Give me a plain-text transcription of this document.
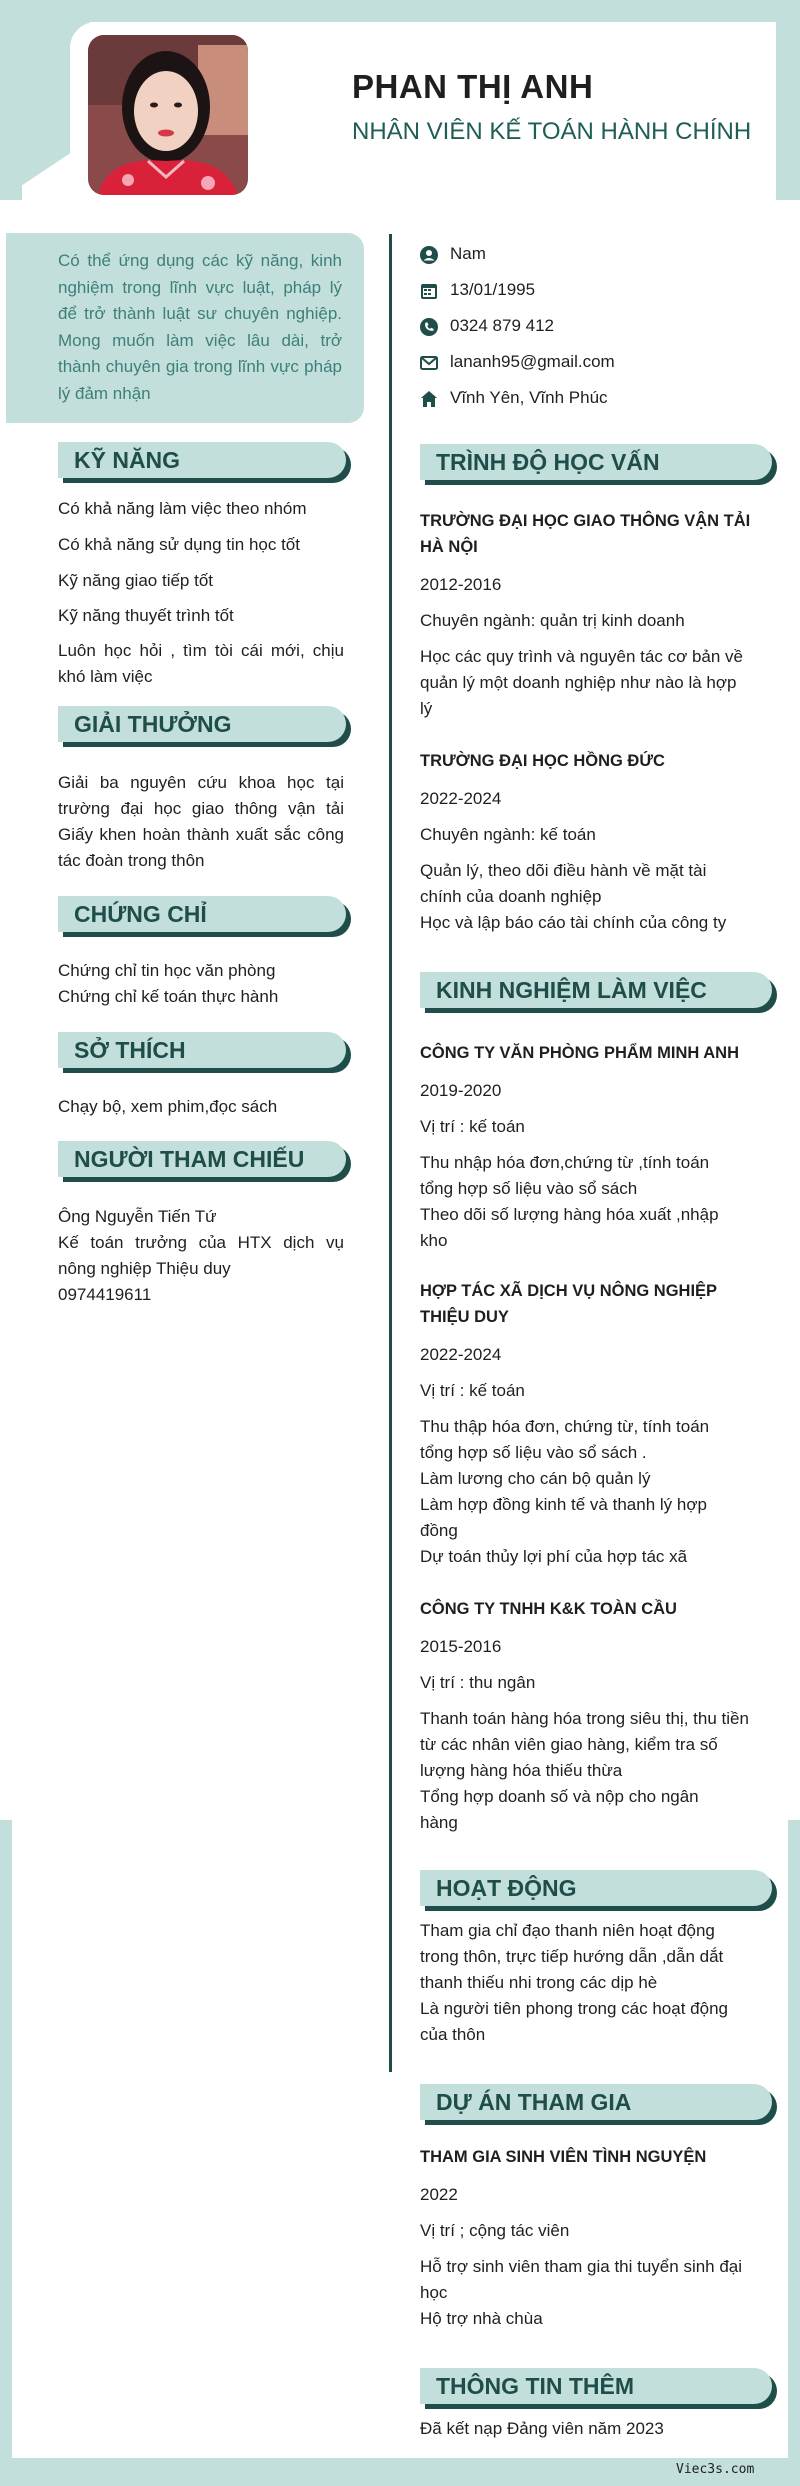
PHAN THỊ ANH
NHÂN VIÊN KẾ TOÁN HÀNH CHÍNH
Có thể ứng dụng các kỹ năng, kinh nghiệm trong lĩnh vực luật, pháp lý để trở thành luật sư chuyên nghiệp. Mong muốn làm việc lâu dài, trở thành chuyên gia trong lĩnh vực pháp lý đảm nhận
Nam
13/01/1995
0324 879 412
lananh95@gmail.com
Vĩnh Yên, Vĩnh Phúc
KỸ NĂNG
Có khả năng làm việc theo nhóm
Có khả năng sử dụng tin học tốt
Kỹ năng giao tiếp tốt
Kỹ năng thuyết trình tốt
Luôn học hỏi , tìm tòi cái mới, chịu khó làm việc
GIẢI THƯỞNG
Giải ba nguyên cứu khoa học tại trường đại học giao thông vận tải Giấy khen hoàn thành xuất sắc công tác đoàn trong thôn
CHỨNG CHỈ
Chứng chỉ tin học văn phòng
Chứng chỉ kế toán thực hành
SỞ THÍCH
Chạy bộ, xem phim,đọc sách
NGƯỜI THAM CHIẾU
Ông Nguyễn Tiến Tứ
Kế toán trưởng của HTX dịch vụ nông nghiệp Thiệu duy
0974419611
TRÌNH ĐỘ HỌC VẤN
TRƯỜNG ĐẠI HỌC GIAO THÔNG VẬN TẢI HÀ NỘI
2012-2016
Chuyên ngành: quản trị kinh doanh
Học các quy trình và nguyên tác cơ bản về quản lý một doanh nghiệp như nào là hợp lý
TRƯỜNG ĐẠI HỌC HỒNG ĐỨC
2022-2024
Chuyên ngành: kế toán
Quản lý, theo dõi điều hành về mặt tài chính của doanh nghiệp
Học và lập báo cáo tài chính của công ty
KINH NGHIỆM LÀM VIỆC
CÔNG TY VĂN PHÒNG PHẨM MINH ANH
2019-2020
Vị trí : kế toán
Thu nhập hóa đơn,chứng từ ,tính toán tổng hợp số liệu vào sổ sách
Theo dõi số lượng hàng hóa xuất ,nhập kho
HỢP TÁC XÃ DỊCH VỤ NÔNG NGHIỆP THIỆU DUY
2022-2024
Vị trí : kế toán
Thu thập hóa đơn, chứng từ, tính toán tổng hợp số liệu vào sổ sách .
Làm lương cho cán bộ quản lý
Làm hợp đồng kinh tế và thanh lý hợp đồng
Dự toán thủy lợi phí của hợp tác xã
CÔNG TY TNHH K&K TOÀN CẦU
2015-2016
Vị trí : thu ngân
Thanh toán hàng hóa trong siêu thị, thu tiền từ các nhân viên giao hàng, kiểm tra số lượng hàng hóa thiếu thừa
Tổng hợp doanh số và nộp cho ngân hàng
HOẠT ĐỘNG
Tham gia chỉ đạo thanh niên hoạt động trong thôn, trực tiếp hướng dẫn ,dẫn dắt thanh thiếu nhi trong các dịp hè
Là người tiên phong trong các hoạt động của thôn
DỰ ÁN THAM GIA
THAM GIA SINH VIÊN TÌNH NGUYỆN
2022
Vị trí ; cộng tác viên
Hỗ trợ sinh viên tham gia thi tuyển sinh đại học
Hộ trợ nhà chùa
THÔNG TIN THÊM
Đã kết nạp Đảng viên năm 2023
Viec3s.com
